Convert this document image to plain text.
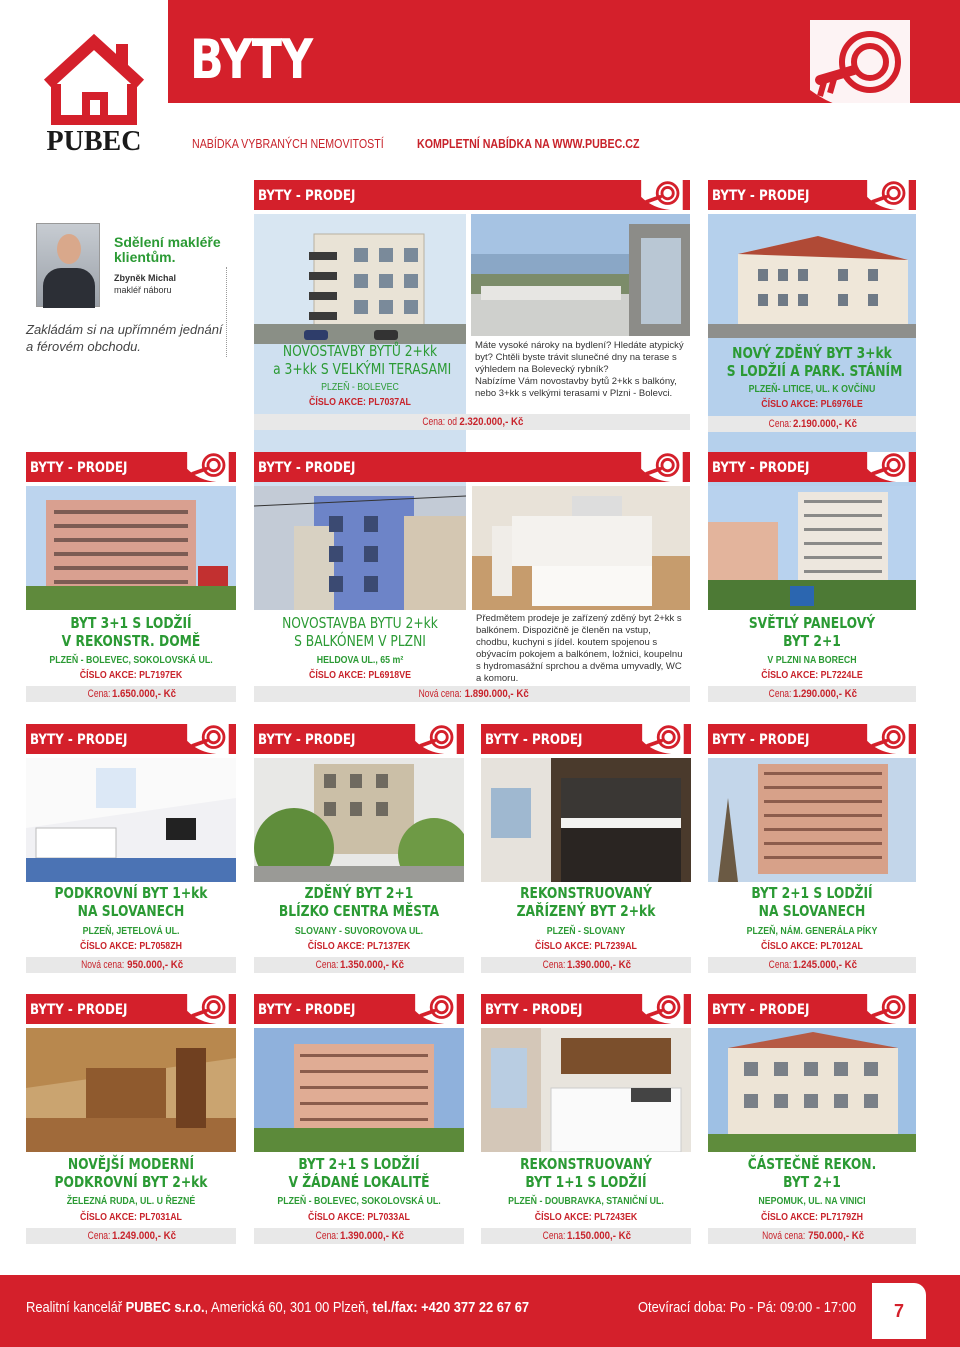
PUBEC
BYTY
NABÍDKA VYBRANÝCH NEMOVITOSTÍ	KOMPLETNÍ NABÍDKA NA WWW.PUBEC.CZ
Sdělení makléře klientům.
Zbyněk Michal
makléř náboru
Zakládám si na upřímném jednání a férovém obchodu.
BYTY - PRODEJ
Máte vysoké nároky na bydlení? Hledáte atypický byt? Chtěli byste trávit slunečné dny na terase s výhledem na Bolevecký rybník?
Nabízíme Vám novostavby bytů 2+kk s balkóny, nebo 3+kk s velkými terasami v Plzni - Bolevci.
NOVOSTAVBY BYTŮ 2+kk
a 3+kk S VELKÝMI TERASAMI
PLZEŇ - BOLEVEC
ČÍSLO AKCE: PL7037AL
Cena: od2.320.000,- Kč
BYTY - PRODEJ
NOVÝ ZDĚNÝ BYT 3+kk
S LODŽIÍ A PARK. STÁNÍM
PLZEŇ- LITICE, UL. K OVČÍNU
ČÍSLO AKCE: PL6976LE
Cena:2.190.000,- Kč
BYTY - PRODEJ
BYT 3+1 S LODŽIÍ
V REKONSTR. DOMĚ
PLZEŇ - BOLEVEC, SOKOLOVSKÁ UL.
ČÍSLO AKCE: PL7197EK
Cena:1.650.000,- Kč
BYTY - PRODEJ
NOVOSTAVBA BYTU 2+kk
S BALKÓNEM V PLZNI
HELDOVA UL., 65 m²
ČÍSLO AKCE: PL6918VE
Předmětem prodeje je zařízený zděný byt 2+kk s balkónem. Dispozičně je členěn na vstup, chodbu, kuchyni s jídel. koutem spojenou s obývacím pokojem a balkónem, ložnici, koupelnu s hydromasážní sprchou a dvěma umyvadly, WC a komoru.
Nová cena:1.890.000,- Kč
BYTY - PRODEJ
SVĚTLÝ PANELOVÝ
BYT 2+1
V PLZNI NA BORECH
ČÍSLO AKCE: PL7224LE
Cena:1.290.000,- Kč
BYTY - PRODEJ
PODKROVNÍ BYT 1+kk
NA SLOVANECH
PLZEŇ, JETELOVÁ UL.
ČÍSLO AKCE: PL7058ZH
Nová cena:950.000,- Kč
BYTY - PRODEJ
ZDĚNÝ BYT 2+1
BLÍZKO CENTRA MĚSTA
SLOVANY - SUVOROVOVA UL.
ČÍSLO AKCE: PL7137EK
Cena:1.350.000,- Kč
BYTY - PRODEJ
REKONSTRUOVANÝ
ZAŘÍZENÝ BYT 2+kk
PLZEŇ - SLOVANY
ČÍSLO AKCE: PL7239AL
Cena:1.390.000,- Kč
BYTY - PRODEJ
BYT 2+1 S LODŽIÍ
NA SLOVANECH
PLZEŇ, NÁM. GENERÁLA PÍKY
ČÍSLO AKCE: PL7012AL
Cena:1.245.000,- Kč
BYTY - PRODEJ
NOVĚJŠÍ MODERNÍ
PODKROVNÍ BYT 2+kk
ŽELEZNÁ RUDA, UL. U ŘEZNÉ
ČÍSLO AKCE: PL7031AL
Cena:1.249.000,- Kč
BYTY - PRODEJ
BYT 2+1 S LODŽIÍ
V ŽÁDANÉ LOKALITĚ
PLZEŇ - BOLEVEC, SOKOLOVSKÁ UL.
ČÍSLO AKCE: PL7033AL
Cena:1.390.000,- Kč
BYTY - PRODEJ
REKONSTRUOVANÝ
BYT 1+1 S LODŽIÍ
PLZEŇ - DOUBRAVKA, STANIČNÍ UL.
ČÍSLO AKCE: PL7243EK
Cena:1.150.000,- Kč
BYTY - PRODEJ
ČÁSTEČNĚ REKON.
BYT 2+1
NEPOMUK, UL. NA VINICI
ČÍSLO AKCE: PL7179ZH
Nová cena:750.000,- Kč
Realitní kancelář PUBEC s.r.o., Americká 60, 301 00 Plzeň, tel./fax: +420 377 22 67 67	Otevírací doba: Po - Pá: 09:00 - 17:00	7
